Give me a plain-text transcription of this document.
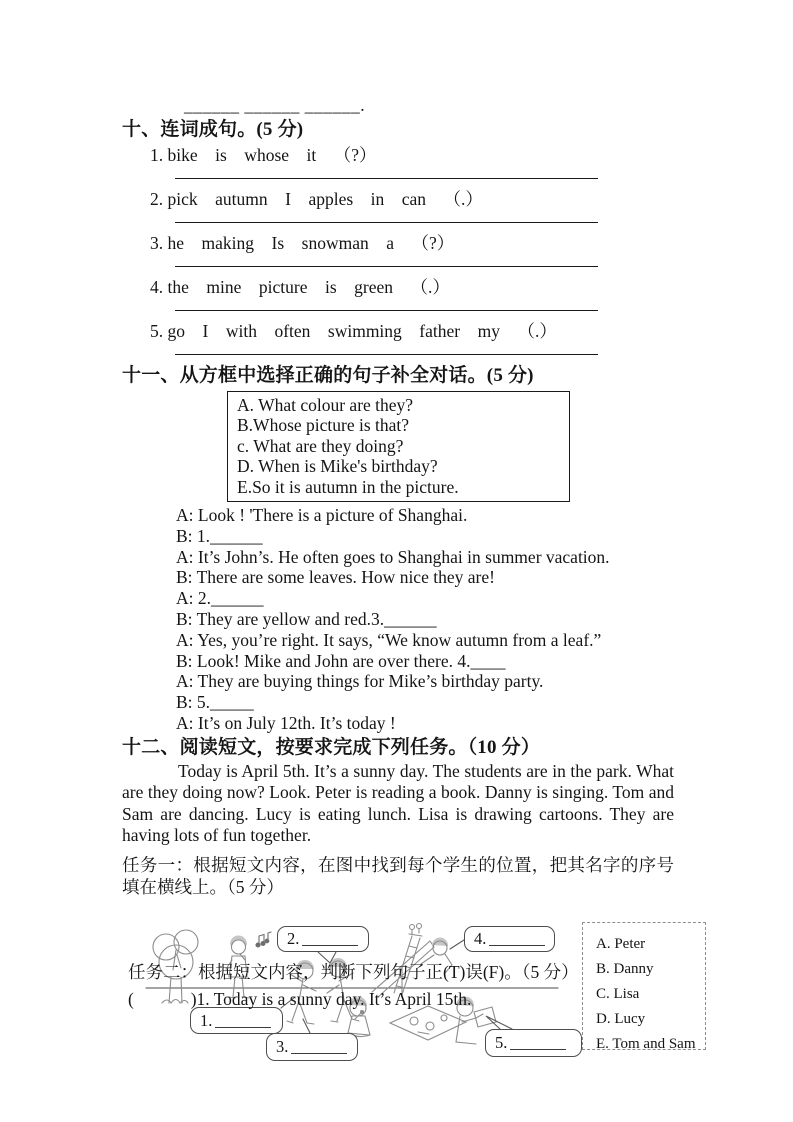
______ ______ ______.
十、连词成句。(5 分)
1. bike    is    whose    it    （?）
2. pick    autumn    I    apples    in    can    （.）
3. he    making    Is    snowman    a    （?）
4. the    mine    picture    is    green    （.）
5. go    I    with    often    swimming    father    my    （.）
十一、从方框中选择正确的句子补全对话。(5 分)
A. What colour are they?
B.Whose picture is that?
c. What are they doing?
D. When is Mike's birthday?
E.So it is autumn in the picture.
A: Look ! 'There is a picture of Shanghai.
B: 1.______
A: It’s John’s. He often goes to Shanghai in summer vacation.
B: There are some leaves. How nice they are!
A: 2.______
B: They are yellow and red.3.______
A: Yes, you’re right. It says, “We know autumn from a leaf.”
B: Look! Mike and John are over there. 4.____
A: They are buying things for Mike’s birthday party.
B: 5._____
A: It’s on July 12th. It’s today !
十二、阅读短文，按要求完成下列任务。（10 分）

Today is April 5th. It’s a sunny day. The students are in the park. What are they doing now? Look. Peter is reading a book. Danny is singing. Tom and Sam are dancing. Lucy is eating lunch. Lisa is drawing cartoons. They are having lots of fun together.

任务一：根据短文内容，在图中找到每个学生的位置，把其名字的序号填在横线上。（5 分）

1.
2.
3.
4.
5.
A. Peter
B. Danny
C. Lisa
D. Lucy
E. Tom and Sam
任务二：根据短文内容，判断下列句子正(T)误(F)。（5 分）
(             )1. Today is a sunny day. It’s April 15th.
